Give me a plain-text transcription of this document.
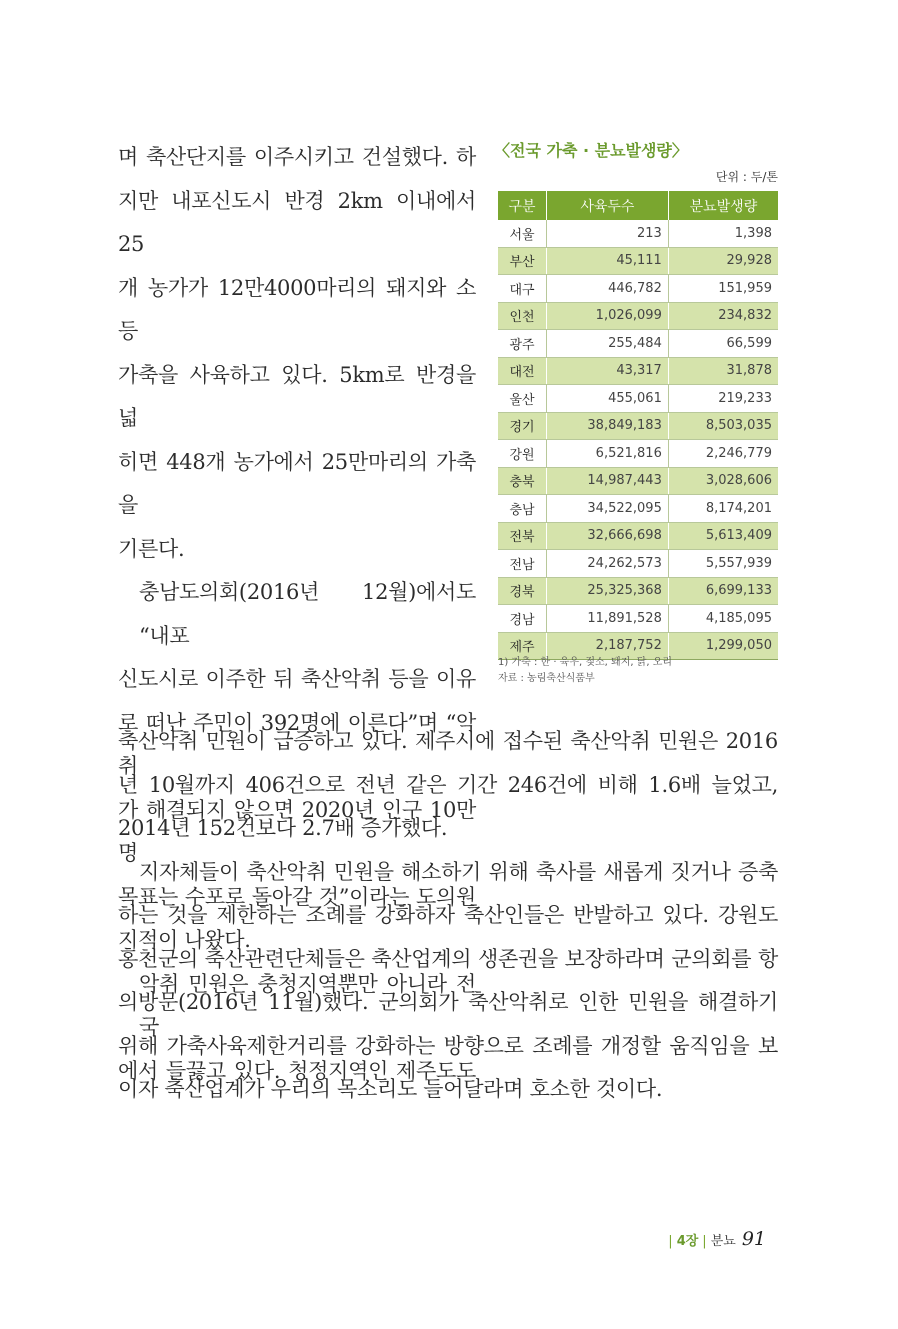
며 축산단지를 이주시키고 건설했다. 하
지만 내포신도시 반경 2km 이내에서 25
개 농가가 12만4000마리의 돼지와 소 등
가축을 사육하고 있다. 5km로 반경을 넓
히면 448개 농가에서 25만마리의 가축을
기른다.
충남도의회(2016년 12월)에서도 “내포
신도시로 이주한 뒤 축산악취 등을 이유
로 떠난 주민이 392명에 이른다”며 “악취
가 해결되지 않으면 2020년 인구 10만명
목표는 수포로 돌아갈 것”이라는 도의원
지적이 나왔다.
악취 민원은 충청지역뿐만 아니라 전국
에서 들끓고 있다. 청정지역인 제주도도

축산악취 민원이 급증하고 있다. 제주시에 접수된 축산악취 민원은 2016년 10월까지 406건으로 전년 같은 기간 246건에 비해 1.6배 늘었고, 2014년 152건보다 2.7배 증가했다.

지자체들이 축산악취 민원을 해소하기 위해 축사를 새롭게 짓거나 증축하는 것을 제한하는 조례를 강화하자 축산인들은 반발하고 있다. 강원도 홍천군의 축산관련단체들은 축산업계의 생존권을 보장하라며 군의회를 항의방문(2016년 11월)했다. 군의회가 축산악취로 인한 민원을 해결하기 위해 가축사육제한거리를 강화하는 방향으로 조례를 개정할 움직임을 보이자 축산업계가 우리의 목소리도 들어달라며 호소한 것이다.

〈전국 가축 · 분뇨발생량〉
단위 : 두/톤
구분	사육두수	분뇨발생량
서울	213	1,398
부산	45,111	29,928
대구	446,782	151,959
인천	1,026,099	234,832
광주	255,484	66,599
대전	43,317	31,878
울산	455,061	219,233
경기	38,849,183	8,503,035
강원	6,521,816	2,246,779
충북	14,987,443	3,028,606
충남	34,522,095	8,174,201
전북	32,666,698	5,613,409
전남	24,262,573	5,557,939
경북	25,325,368	6,699,133
경남	11,891,528	4,185,095
제주	2,187,752	1,299,050
1) 가축 : 한 · 육우, 젖소, 돼지, 닭, 오리
자료 : 농림축산식품부
| 4장 | 분뇨 91
